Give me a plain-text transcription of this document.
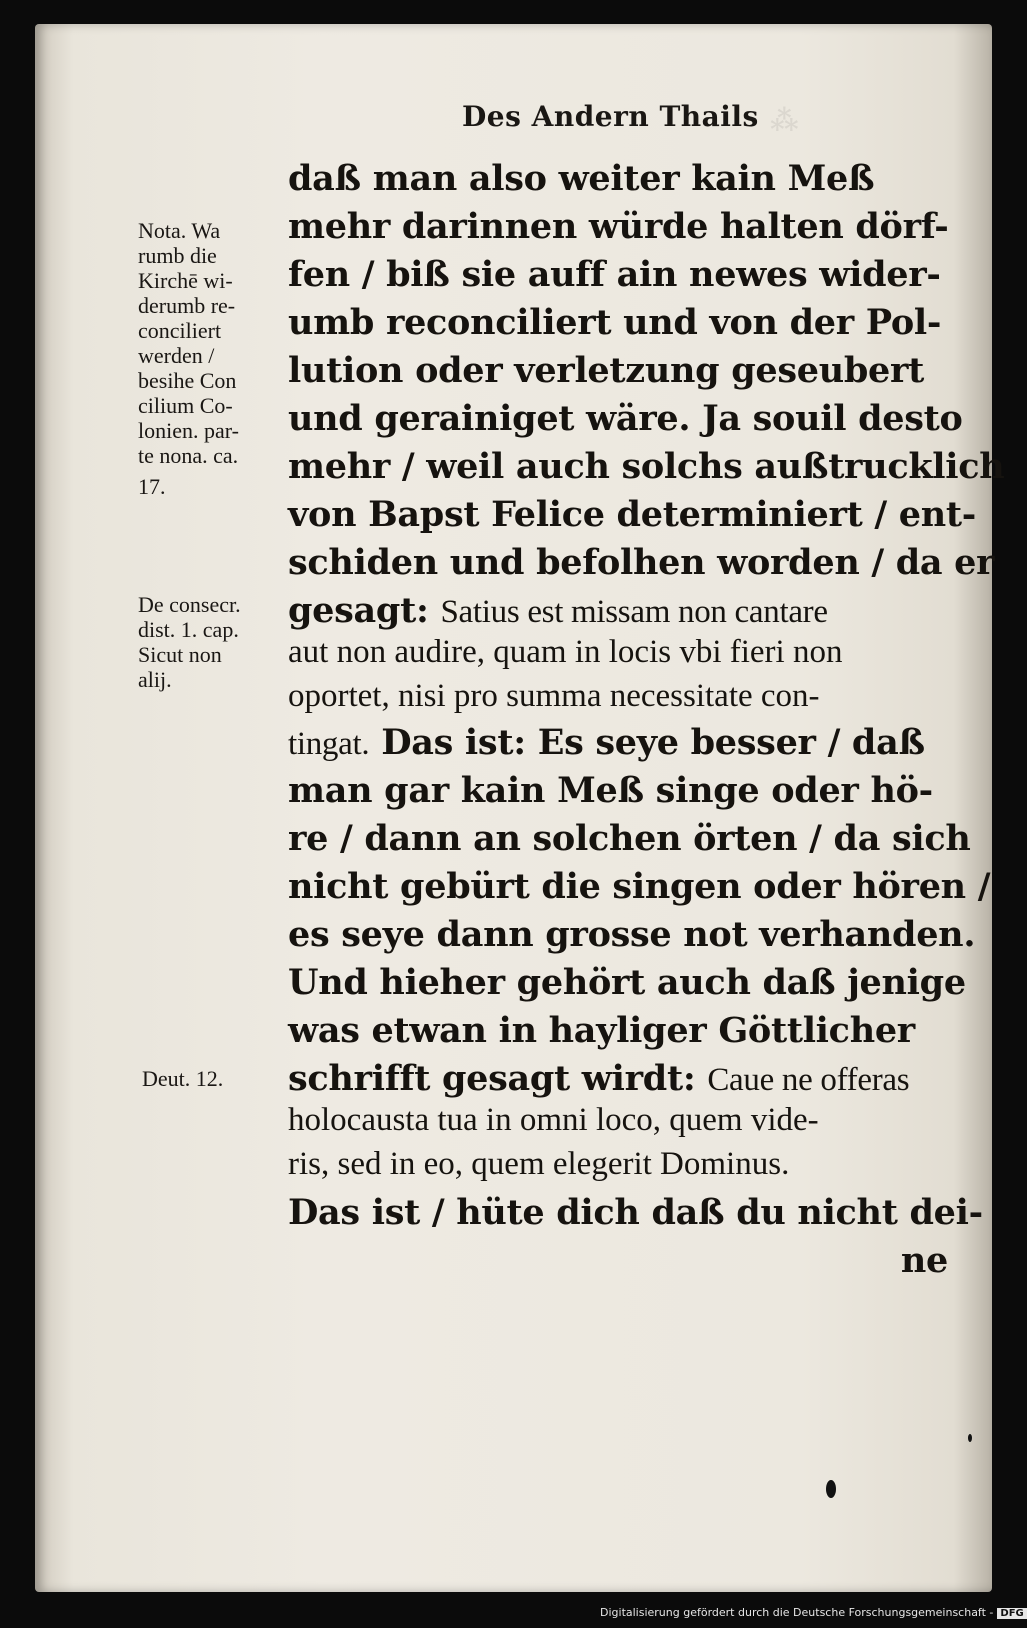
⁂
Des Andern Thails
daß man also weiter kain Meß
mehr darinnen würde halten dörf-
fen / biß sie auff ain newes wider-
umb reconciliert und von der Pol-
lution oder verletzung geseubert
und gerainiget wäre. Ja souil desto
mehr / weil auch solchs außtrucklich
von Bapst Felice determiniert / ent-
schiden und befolhen worden / da er
gesagt: Satius est missam non cantare
aut non audire, quam in locis vbi fieri non
oportet, nisi pro summa necessitate con-
tingat. Das ist: Es seye besser / daß
man gar kain Meß singe oder hö-
re / dann an solchen örten / da sich
nicht gebürt die singen oder hören /
es seye dann grosse not verhanden.
Und hieher gehört auch daß jenige
was etwan in hayliger Göttlicher
schrifft gesagt wirdt: Caue ne offeras
holocausta tua in omni loco, quem vide-
ris, sed in eo, quem elegerit Dominus.
Das ist / hüte dich daß du nicht dei-
ne
Nota. Wa
rumb die
Kirchē wi-
derumb re-
conciliert
werden /
besihe Con
cilium Co-
lonien. par-
te nona. ca.
17.
De consecr.
dist. 1. cap.
Sicut non
alij.
Deut. 12.
Digitalisierung gefördert durch die Deutsche Forschungsgemeinschaft - DFG
